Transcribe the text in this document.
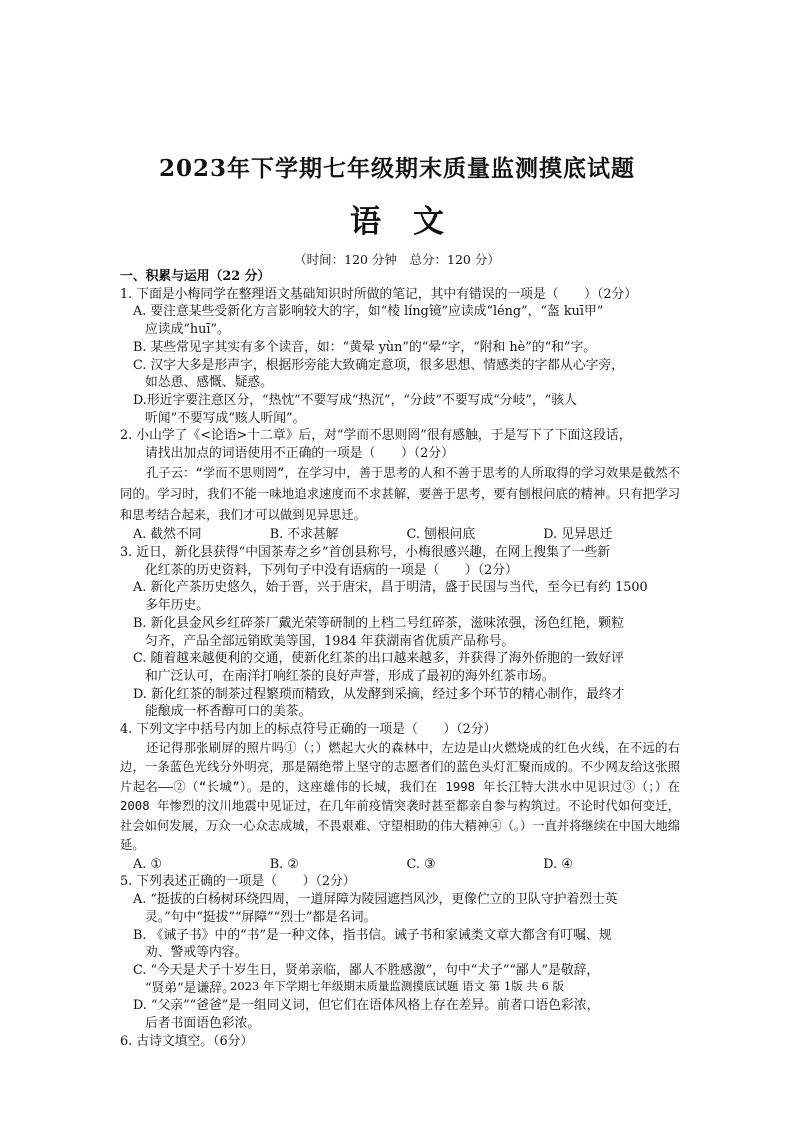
2023年下学期七年级期末质量监测摸底试题
语文
（时间：120 分钟　总分：120 分）
一、积累与运用（22 分）
1. 下面是小梅同学在整理语文基础知识时所做的笔记，其中有错误的一项是（　　）（2分）
A. 要注意某些受新化方言影响较大的字，如“棱 líng镜”应读成“léng”，“盔 kuī甲”
应读成“huī”。
B. 某些常见字其实有多个读音，如：“黄晕 yùn”的“晕”字，“附和 hè”的“和”字。
C. 汉字大多是形声字，根据形旁能大致确定意项，很多思想、情感类的字都从心字旁，
如怂恿、感慨、疑惑。
D.形近字要注意区分，“热忱”不要写成“热沉”，“分歧”不要写成“分岐”，“骇人
听闻”不要写成“赅人听闻”。
2. 小山学了《<论语>十二章》后，对“学而不思则罔”很有感触，于是写下了下面这段话，
请找出加点的词语使用不正确的一项是（　　）（2分）

孔子云：“学而不思则罔”，在学习中，善于思考的人和不善于思考的人所取得的学习效果是截然不同的。学习时，我们不能一味地追求速度而不求甚解，要善于思考，要有刨根问底的精神。只有把学习和思考结合起来，我们才可以做到见异思迁。

A. 截然不同	B. 不求甚解	C. 刨根问底	D. 见异思迁
3. 近日，新化县获得“中国茶寿之乡”首创县称号，小梅很感兴趣，在网上搜集了一些新
化红茶的历史资料，下列句子中没有语病的一项是（　　）（2分）
A. 新化产茶历史悠久，始于晋，兴于唐宋，昌于明清，盛于民国与当代，至今已有约 1500
多年历史。
B. 新化县金风乡红碎茶厂戴光荣等研制的上档二号红碎茶，滋味浓强，汤色红艳，颗粒
匀齐，产品全部远销欧美等国，1984 年获湖南省优质产品称号。
C. 随着越来越便利的交通，使新化红茶的出口越来越多，并获得了海外侨胞的一致好评
和广泛认可，在南洋打响红茶的良好声誉，形成了最初的海外红茶市场。
D. 新化红茶的制茶过程繁琐而精致，从发酵到采摘，经过多个环节的精心制作，最终才
能酿成一杯香醇可口的美茶。
4. 下列文字中括号内加上的标点符号正确的一项是（　　）（2分）

还记得那张刷屏的照片吗①（；）燃起大火的森林中，左边是山火燃烧成的红色火线，在不远的右边，一条蓝色光线分外明亮，那是隔绝带上坚守的志愿者们的蓝色头灯汇聚而成的。不少网友给这张照片起名——②（“长城”）。是的，这座雄伟的长城，我们在 1998 年长江特大洪水中见识过③（；）在 2008 年惨烈的汶川地震中见证过，在几年前疫情突袭时甚至都亲自参与构筑过。不论时代如何变迁，社会如何发展，万众一心众志成城，不畏艰难、守望相助的伟大精神④（。）一直并将继续在中国大地绵延。

A. ①	B. ②	C. ③	D. ④
5. 下列表述正确的一项是（　　）（2分）
A. “挺拔的白杨树环绕四周，一道屏障为陵园遮挡风沙，更像伫立的卫队守护着烈士英
灵。”句中“挺拔”“屏障”“烈士”都是名词。
B. 《诫子书》中的“书”是一种文体，指书信。诫子书和家诫类文章大都含有叮嘱、规
劝、警戒等内容。
C. “今天是犬子十岁生日，贤弟亲临，鄙人不胜感激”，句中“犬子”“鄙人”是敬辞，
“贤弟”是谦辞。
D. “父亲”“爸爸”是一组同义词，但它们在语体风格上存在差异。前者口语色彩浓，
后者书面语色彩浓。
6. 古诗文填空。（6分）
2023 年下学期七年级期末质量监测摸底试题 语文 第 1版 共 6 版
